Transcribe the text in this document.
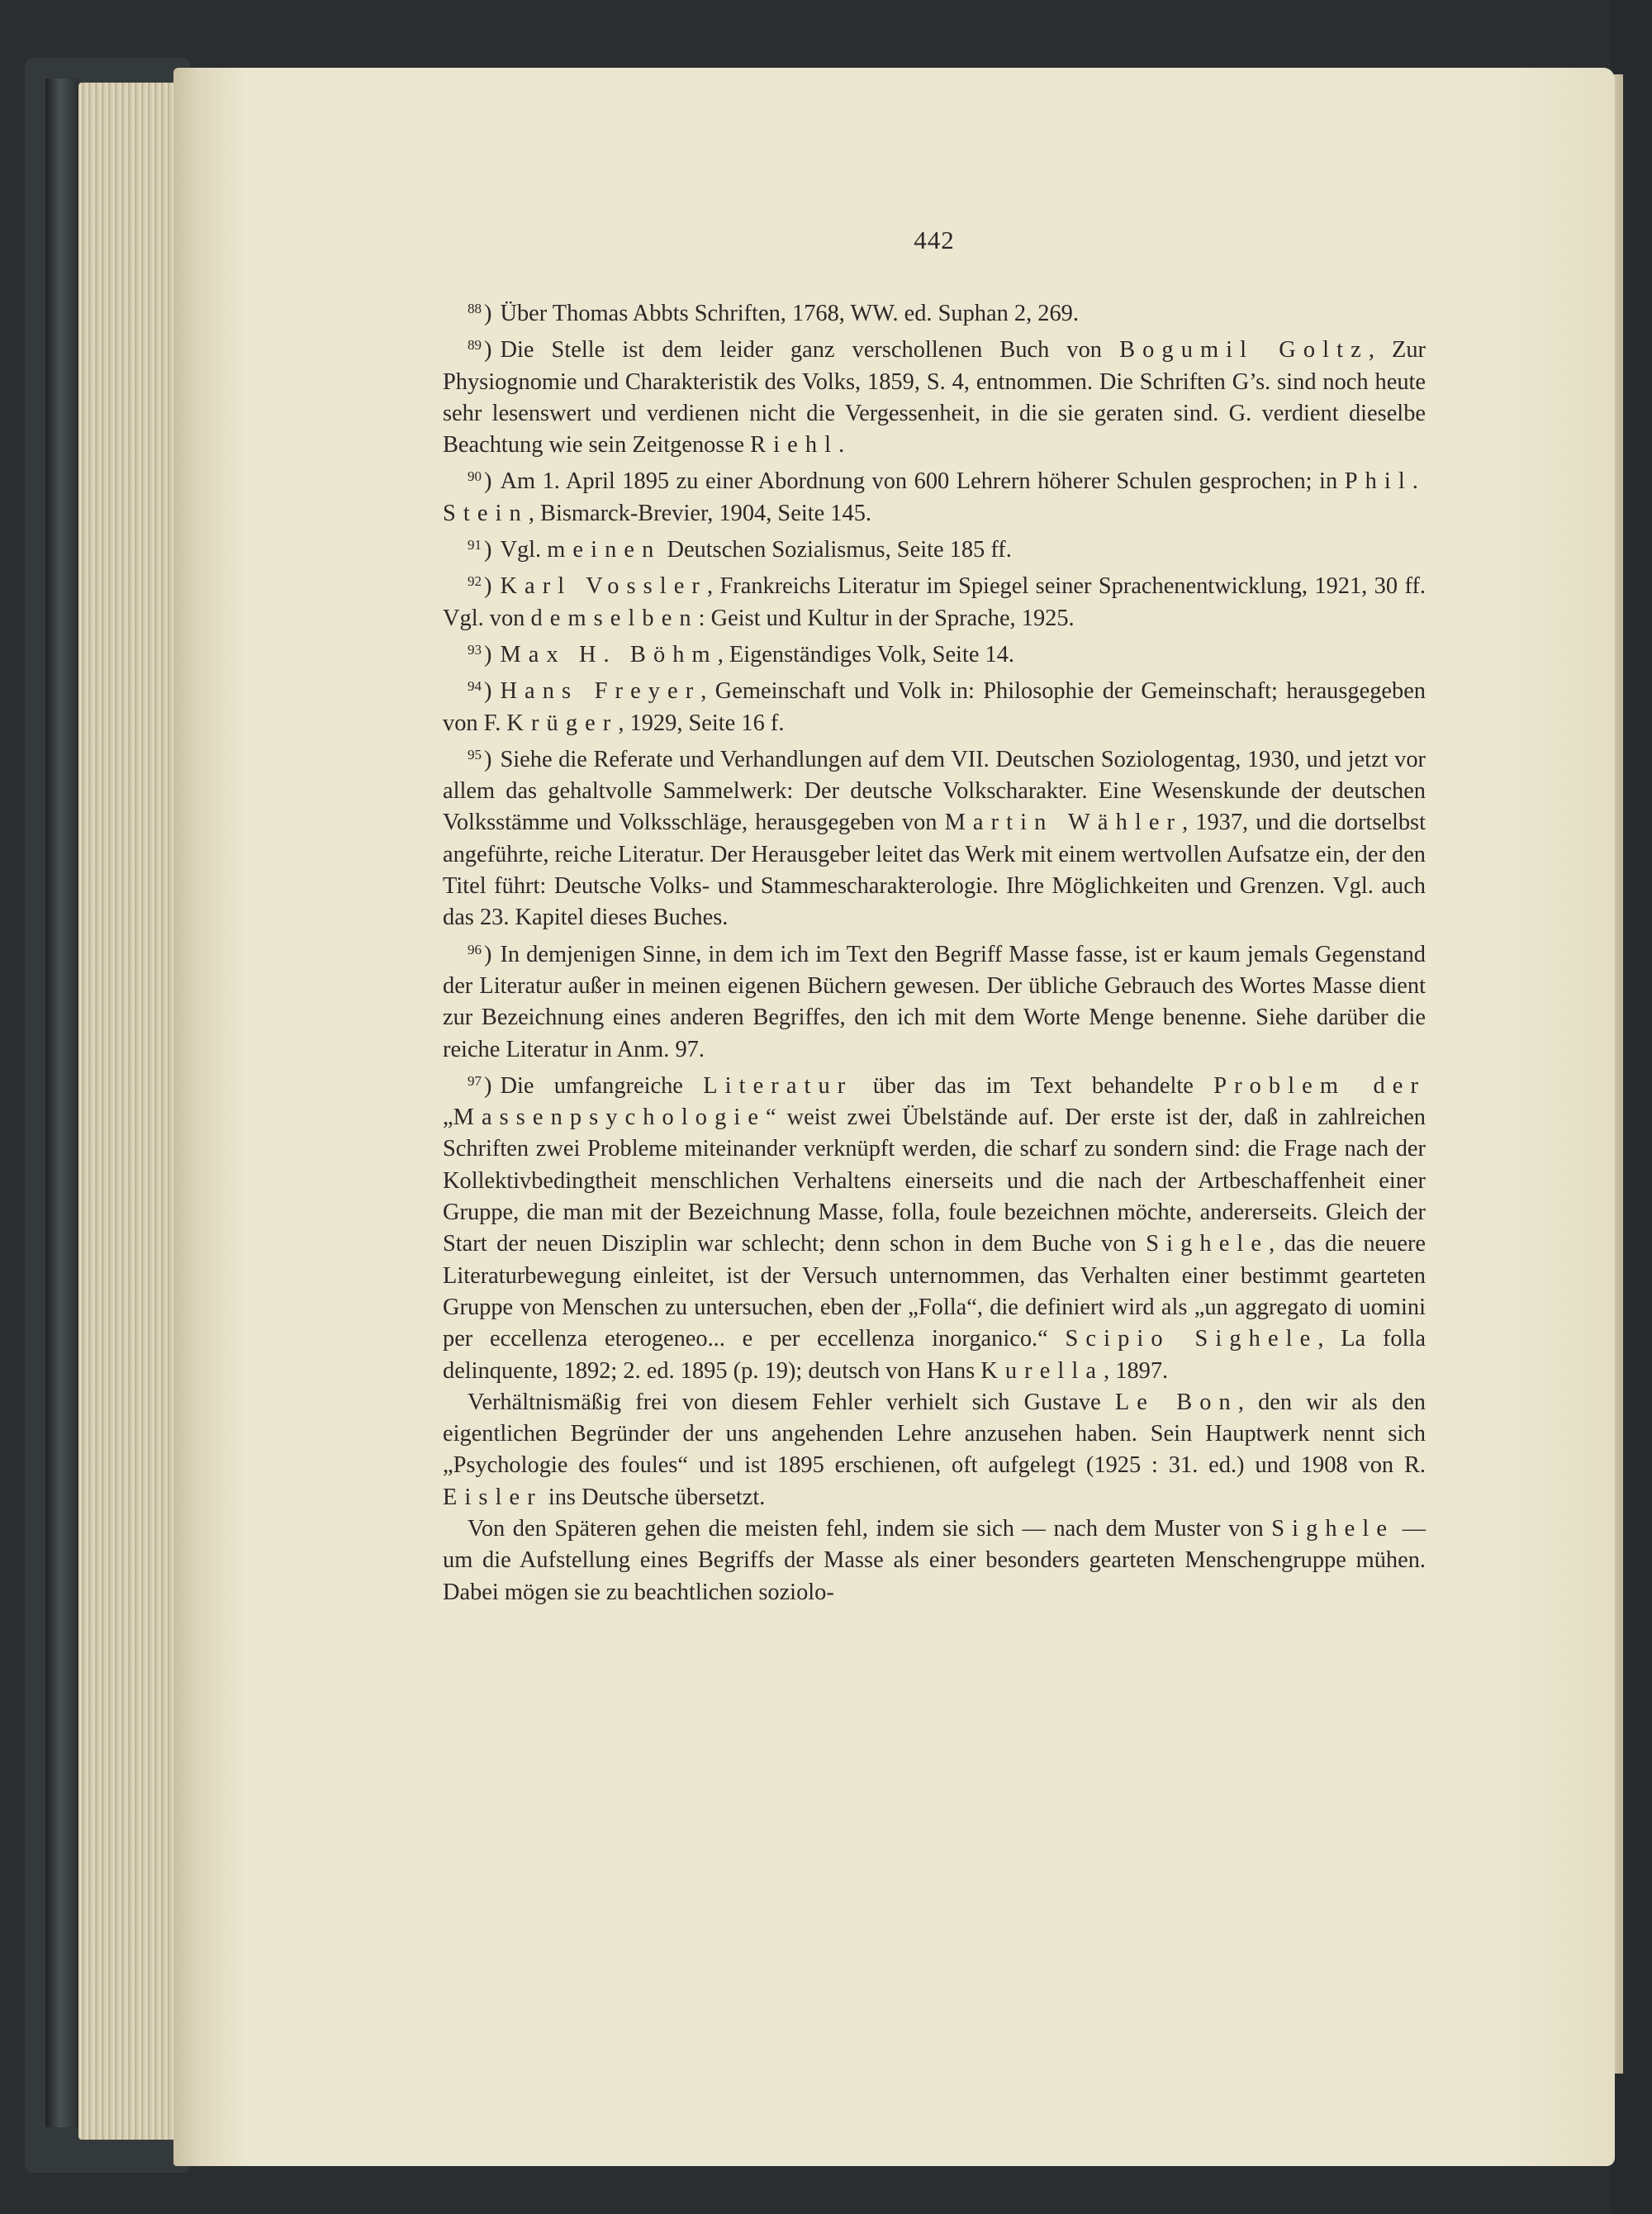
442

$^{88}$ ) Über Thomas Abbts Schriften, 1768, WW. ed. Suphan 2, 269.

$^{89}$ ) Die Stelle ist dem leider ganz verschollenen Buch von Bogumil Goltz, Zur Physiognomie und Charakteristik des Volks, 1859, S. 4, entnommen. Die Schriften G’s. sind noch heute sehr lesenswert und verdienen nicht die Vergessenheit, in die sie geraten sind. G. verdient dieselbe Beachtung wie sein Zeitgenosse Riehl.

$^{90}$ ) Am 1. April 1895 zu einer Abordnung von 600 Lehrern höherer Schulen gesprochen; in Phil. Stein, Bismarck-Brevier, 1904, Seite 145.

$^{91}$ ) Vgl. meinen Deutschen Sozialismus, Seite 185 ff.

$^{92}$ ) Karl Vossler, Frankreichs Literatur im Spiegel seiner Sprachenentwicklung, 1921, 30 ff. Vgl. von demselben: Geist und Kultur in der Sprache, 1925.

$^{93}$ ) Max H. Böhm, Eigenständiges Volk, Seite 14.

$^{94}$ ) Hans Freyer, Gemeinschaft und Volk in: Philosophie der Gemeinschaft; herausgegeben von F. Krüger, 1929, Seite 16 f.

$^{95}$ ) Siehe die Referate und Verhandlungen auf dem VII. Deutschen Soziologentag, 1930, und jetzt vor allem das gehaltvolle Sammelwerk: Der deutsche Volkscharakter. Eine Wesenskunde der deutschen Volksstämme und Volksschläge, herausgegeben von Martin Wähler, 1937, und die dortselbst angeführte, reiche Literatur. Der Herausgeber leitet das Werk mit einem wertvollen Aufsatze ein, der den Titel führt: Deutsche Volks- und Stammescharakterologie. Ihre Möglichkeiten und Grenzen. Vgl. auch das 23. Kapitel dieses Buches.

$^{96}$ ) In demjenigen Sinne, in dem ich im Text den Begriff Masse fasse, ist er kaum jemals Gegenstand der Literatur außer in meinen eigenen Büchern gewesen. Der übliche Gebrauch des Wortes Masse dient zur Bezeichnung eines anderen Begriffes, den ich mit dem Worte Menge benenne. Siehe darüber die reiche Literatur in Anm. 97.

$^{97}$ ) Die umfangreiche Literatur über das im Text behandelte Problem der „Massenpsychologie“ weist zwei Übelstände auf. Der erste ist der, daß in zahlreichen Schriften zwei Probleme miteinander verknüpft werden, die scharf zu sondern sind: die Frage nach der Kollektivbedingtheit menschlichen Verhaltens einerseits und die nach der Artbeschaffenheit einer Gruppe, die man mit der Bezeichnung Masse, folla, foule bezeichnen möchte, andererseits. Gleich der Start der neuen Disziplin war schlecht; denn schon in dem Buche von Sighele, das die neuere Literaturbewegung einleitet, ist der Versuch unternommen, das Verhalten einer bestimmt gearteten Gruppe von Menschen zu untersuchen, eben der „Folla“, die definiert wird als „un aggregato di uomini per eccellenza eterogeneo... e per eccellenza inorganico.“ Scipio Sighele, La folla delinquente, 1892; 2. ed. 1895 (p. 19); deutsch von Hans Kurella, 1897.

Verhältnismäßig frei von diesem Fehler verhielt sich Gustave Le Bon, den wir als den eigentlichen Begründer der uns angehenden Lehre anzusehen haben. Sein Hauptwerk nennt sich „Psychologie des foules“ und ist 1895 erschienen, oft aufgelegt (1925 : 31. ed.) und 1908 von R. Eisler ins Deutsche übersetzt.

Von den Späteren gehen die meisten fehl, indem sie sich — nach dem Muster von Sighele — um die Aufstellung eines Begriffs der Masse als einer besonders gearteten Menschengruppe mühen. Dabei mögen sie zu beachtlichen soziolo-
